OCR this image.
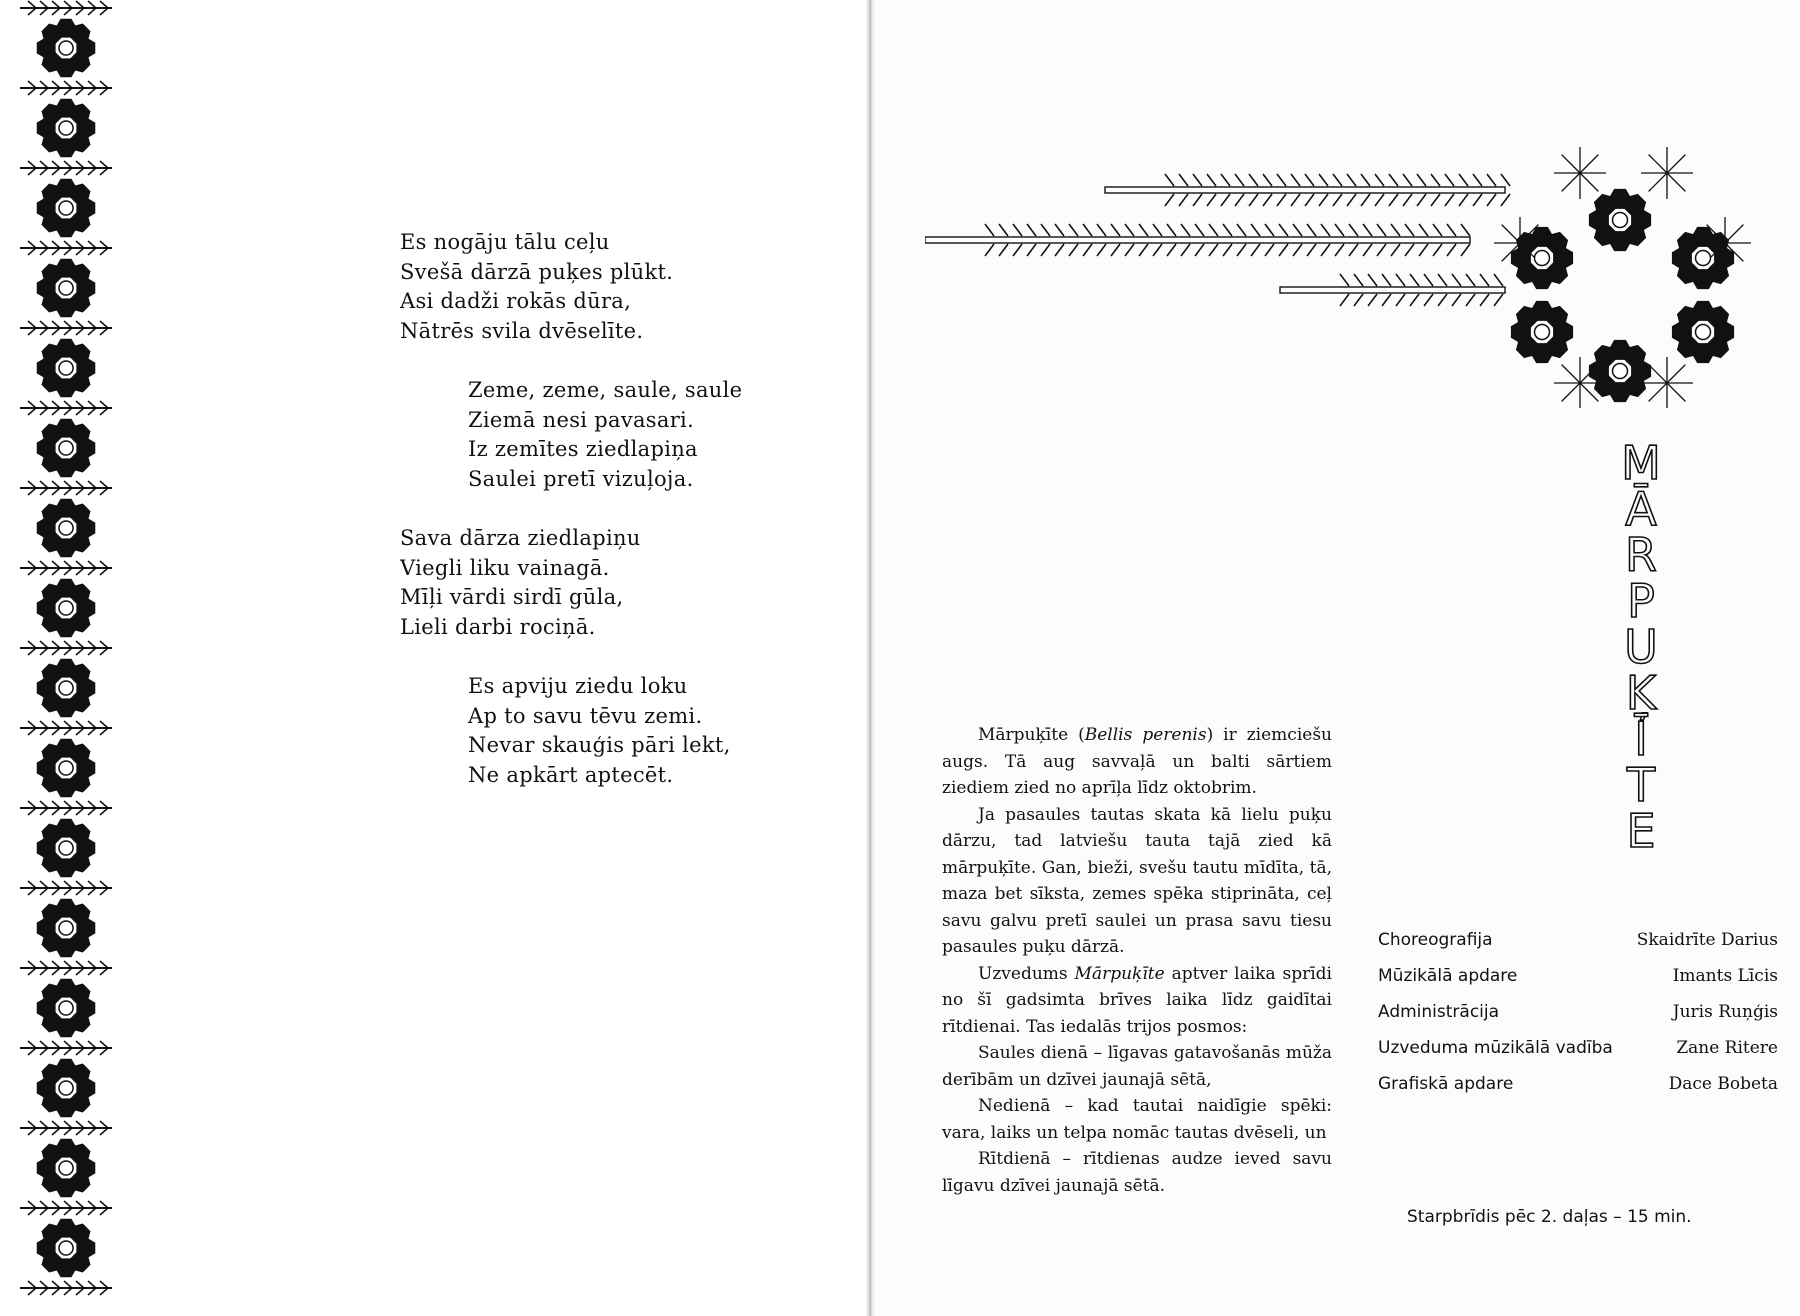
Es nogāju tālu ceļu
Svešā dārzā puķes plūkt.
Asi dadži rokās dūra,
Nātrēs svila dvēselīte.
Zeme, zeme, saule, saule
Ziemā nesi pavasari.
Iz zemītes ziedlapiņa
Saulei pretī vizuļoja.
Sava dārza ziedlapiņu
Viegli liku vainagā.
Mīļi vārdi sirdī gūla,
Lieli darbi rociņā.
Es apviju ziedu loku
Ap to savu tēvu zemi.
Nevar skauģis pāri lekt,
Ne apkārt aptecēt.
M
Ā
R
P
U
Ķ
Ī
T
E

Mārpuķīte (Bellis perenis) ir ziemciešu augs. Tā aug savvaļā un balti sārtiem ziediem zied no aprīļa līdz oktobrim.

Ja pasaules tautas skata kā lielu puķu dārzu, tad latviešu tauta tajā zied kā mārpuķīte. Gan, bieži, svešu tautu mīdīta, tā, maza bet sīksta, zemes spēka stiprināta, ceļ savu galvu pretī saulei un prasa savu tiesu pasaules puķu dārzā.

Uzvedums Mārpuķīte aptver laika sprīdi no šī gadsimta brīves laika līdz gaidītai rītdienai. Tas iedalās trijos posmos:

Saules dienā – līgavas gatavošanās mūža derībām un dzīvei jaunajā sētā,

Nedienā – kad tautai naidīgie spēki: vara, laiks un telpa nomāc tautas dvēseli, un

Rītdienā – rītdienas audze ieved savu līgavu dzīvei jaunajā sētā.

Choreografija	Skaidrīte Darius
Mūzikālā apdare	Imants Līcis
Administrācija	Juris Ruņģis
Uzveduma mūzikālā vadība	Zane Ritere
Grafiskā apdare	Dace Bobeta
Starpbrīdis pēc 2. daļas – 15 min.
